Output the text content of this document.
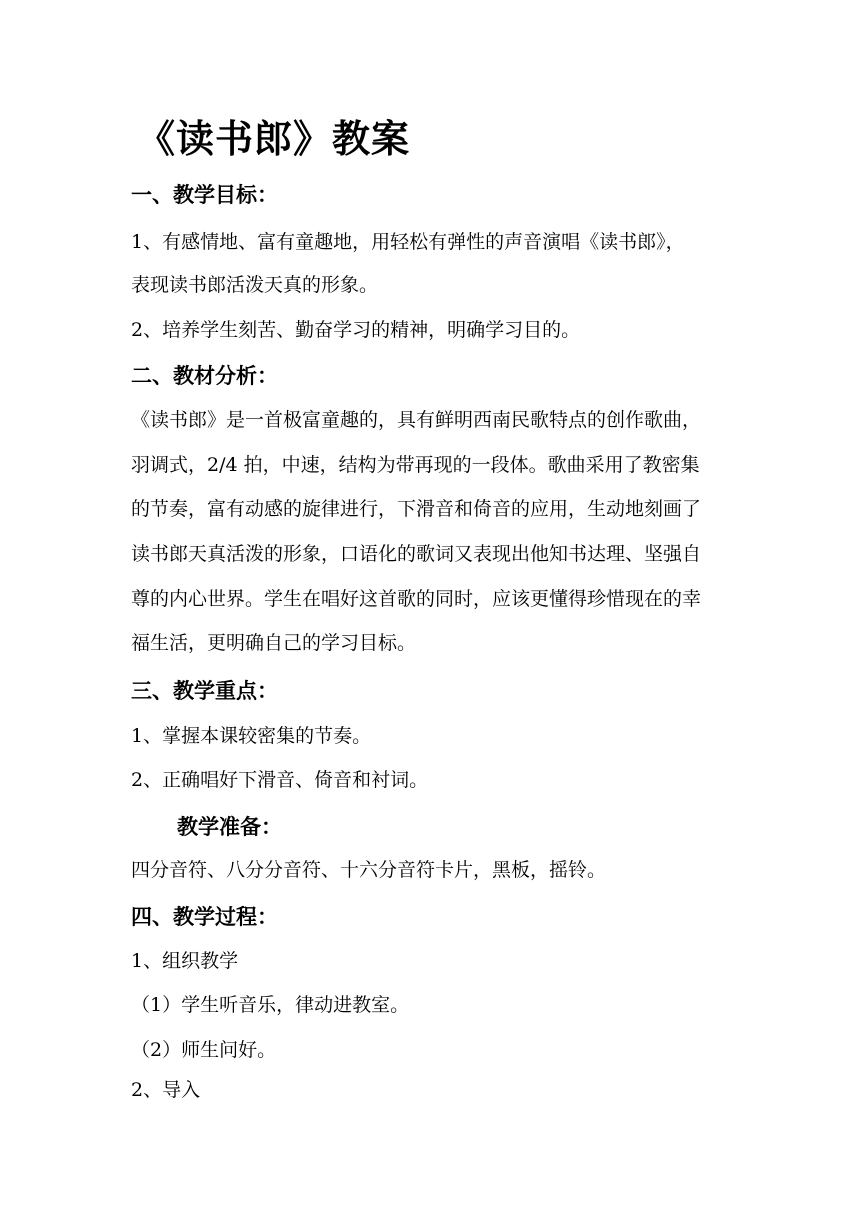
《读书郎》教案
一、教学目标：

1、有感情地、富有童趣地，用轻松有弹性的声音演唱《读书郎》，

表现读书郎活泼天真的形象。

2、培养学生刻苦、勤奋学习的精神，明确学习目的。

二、教材分析：

《读书郎》是一首极富童趣的，具有鲜明西南民歌特点的创作歌曲，

羽调式，2/4 拍，中速，结构为带再现的一段体。歌曲采用了教密集

的节奏，富有动感的旋律进行，下滑音和倚音的应用，生动地刻画了

读书郎天真活泼的形象，口语化的歌词又表现出他知书达理、坚强自

尊的内心世界。学生在唱好这首歌的同时，应该更懂得珍惜现在的幸

福生活，更明确自己的学习目标。

三、教学重点：

1、掌握本课较密集的节奏。

2、正确唱好下滑音、倚音和衬词。

教学准备：

四分音符、八分分音符、十六分音符卡片，黑板，摇铃。

四、教学过程：

1、组织教学

（1）学生听音乐，律动进教室。

（2）师生问好。

2、导入
